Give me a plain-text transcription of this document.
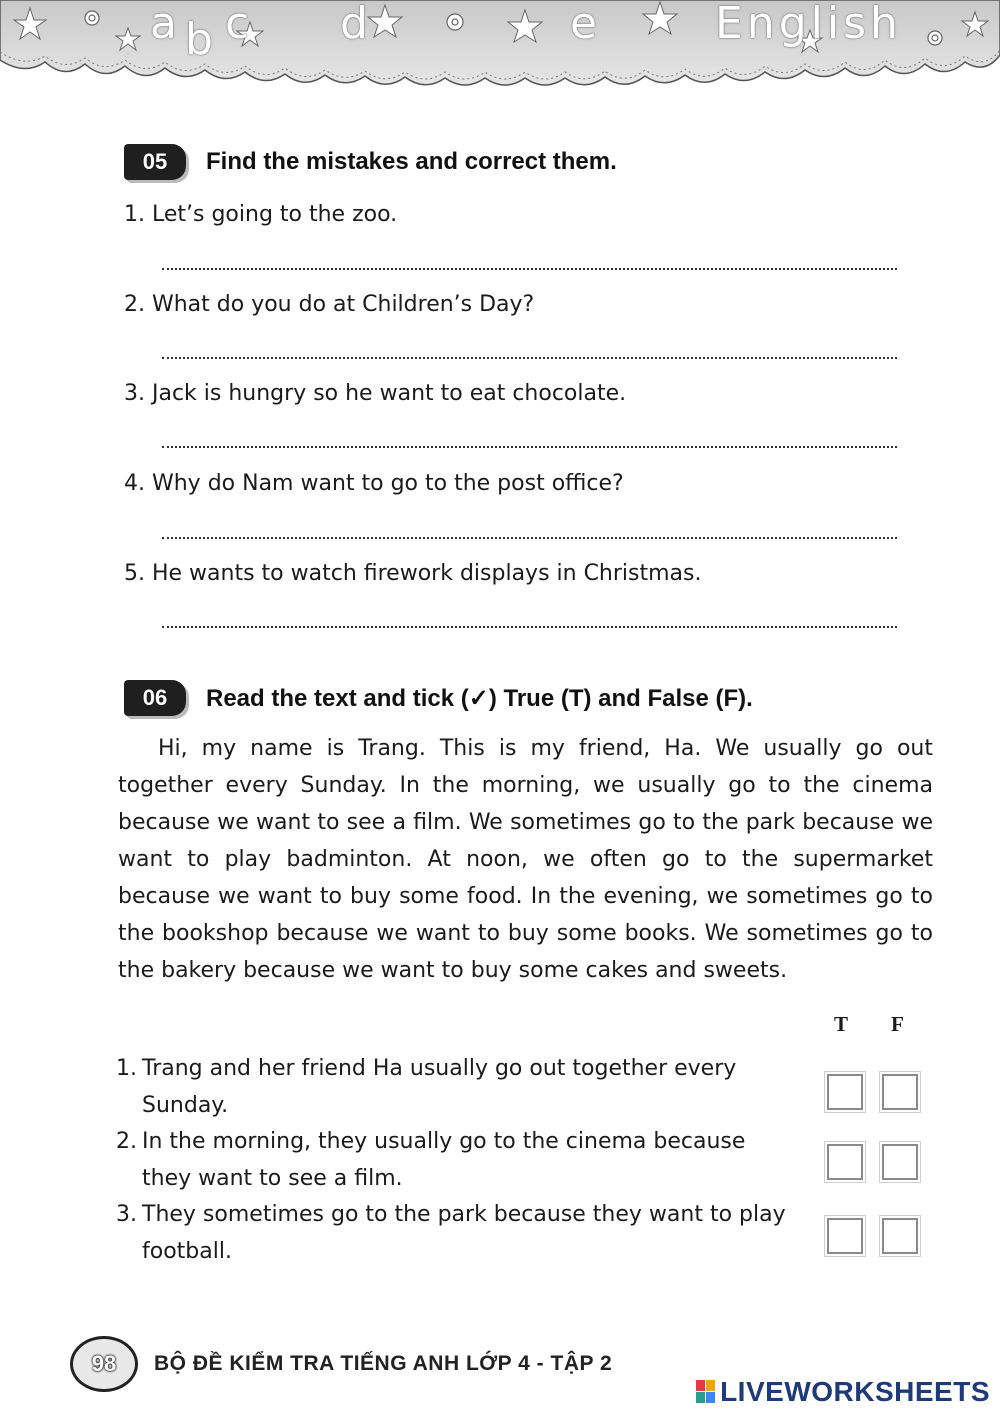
a
b
c d	e English
05	Find the mistakes and correct them.
1. Let’s going to the zoo.
2. What do you do at Children’s Day?
3. Jack is hungry so he want to eat chocolate.
4. Why do Nam want to go to the post office?
5. He wants to watch firework displays in Christmas.
06	Read the text and tick (✓) True (T) and False (F).

Hi, my name is Trang. This is my friend, Ha. We usually go out together every Sunday. In the morning, we usually go to the cinema because we want to see a film. We sometimes go to the park because we want to play badminton. At noon, we often go to the supermarket because we want to buy some food. In the evening, we sometimes go to the bookshop because we want to buy some books. We sometimes go to the bakery because we want to buy some cakes and sweets.

T F
1. Trang and her friend Ha usually go out together every
Sunday.
2. In the morning, they usually go to the cinema because
they want to see a film.
3. They sometimes go to the park because they want to play
football.
98	BỘ ĐỀ KIỂM TRA TIẾNG ANH LỚP 4 - TẬP 2
LIVEWORKSHEETS
